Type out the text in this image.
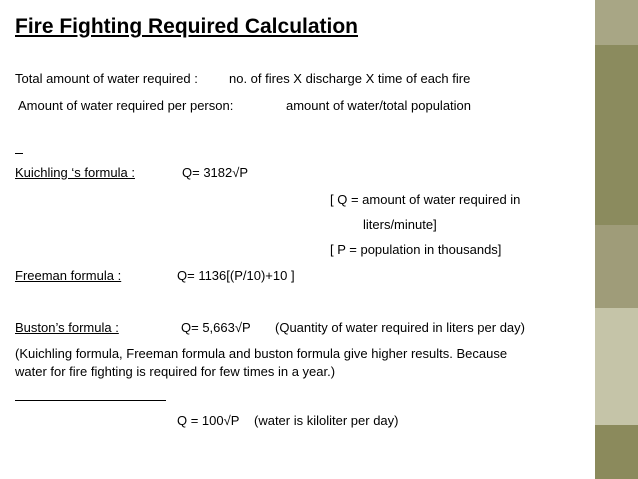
Fire Fighting Required Calculation
Total amount of water required : no. of fires X discharge X time of each fire
Amount of water required per person:	amount of water/total population
Kuichling ‘s formula :	Q= 3182√P
[ Q = amount of water required in
liters/minute]
[ P = population in thousands]
Freeman formula :	Q= 1136[(P/10)+10 ]
Buston’s formula :	Q= 5,663√P (Quantity of water required in liters per day)
(Kuichling formula, Freeman formula and buston formula give higher results. Because
water for fire fighting is required for few times in a year.)
Q = 100√P (water is kiloliter per day)
